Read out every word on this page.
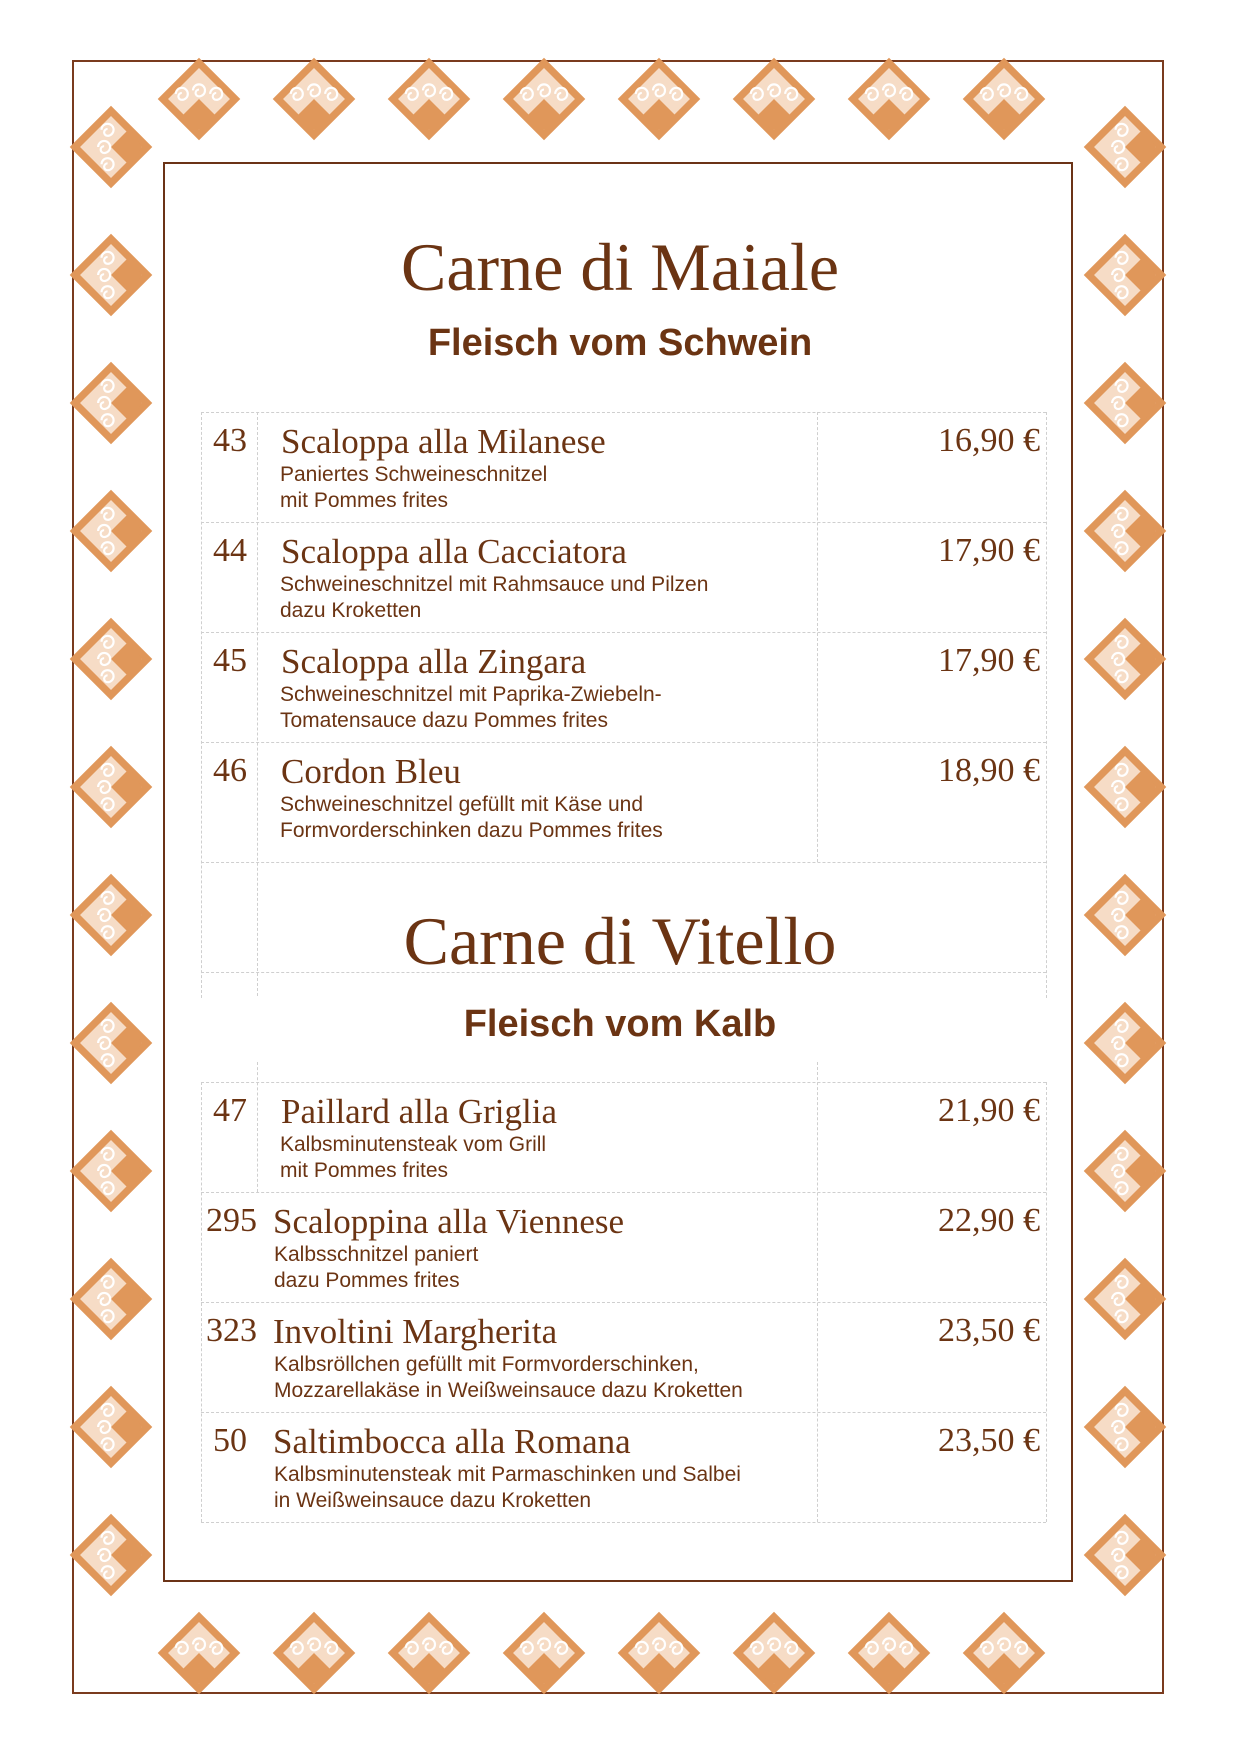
Carne di Maiale
Fleisch vom Schwein
43 Scaloppa alla Milanese
Paniertes Schweineschnitzel
mit Pommes frites
16,90 €
44 Scaloppa alla Cacciatora
Schweineschnitzel mit Rahmsauce und Pilzen
dazu Kroketten
17,90 €
45 Scaloppa alla Zingara
Schweineschnitzel mit Paprika-Zwiebeln-
Tomatensauce dazu Pommes frites
17,90 €
46 Cordon Bleu
Schweineschnitzel gefüllt mit Käse und
Formvorderschinken dazu Pommes frites
18,90 €
Carne di Vitello
Fleisch vom Kalb
47 Paillard alla Griglia
Kalbsminutensteak vom Grill
mit Pommes frites
21,90 €
295 Scaloppina alla Viennese
Kalbsschnitzel paniert
dazu Pommes frites
22,90 €
323 Involtini Margherita
Kalbsröllchen gefüllt mit Formvorderschinken,
Mozzarellakäse in Weißweinsauce dazu Kroketten
23,50 €
50 Saltimbocca alla Romana
Kalbsminutensteak mit Parmaschinken und Salbei
in Weißweinsauce dazu Kroketten
23,50 €
